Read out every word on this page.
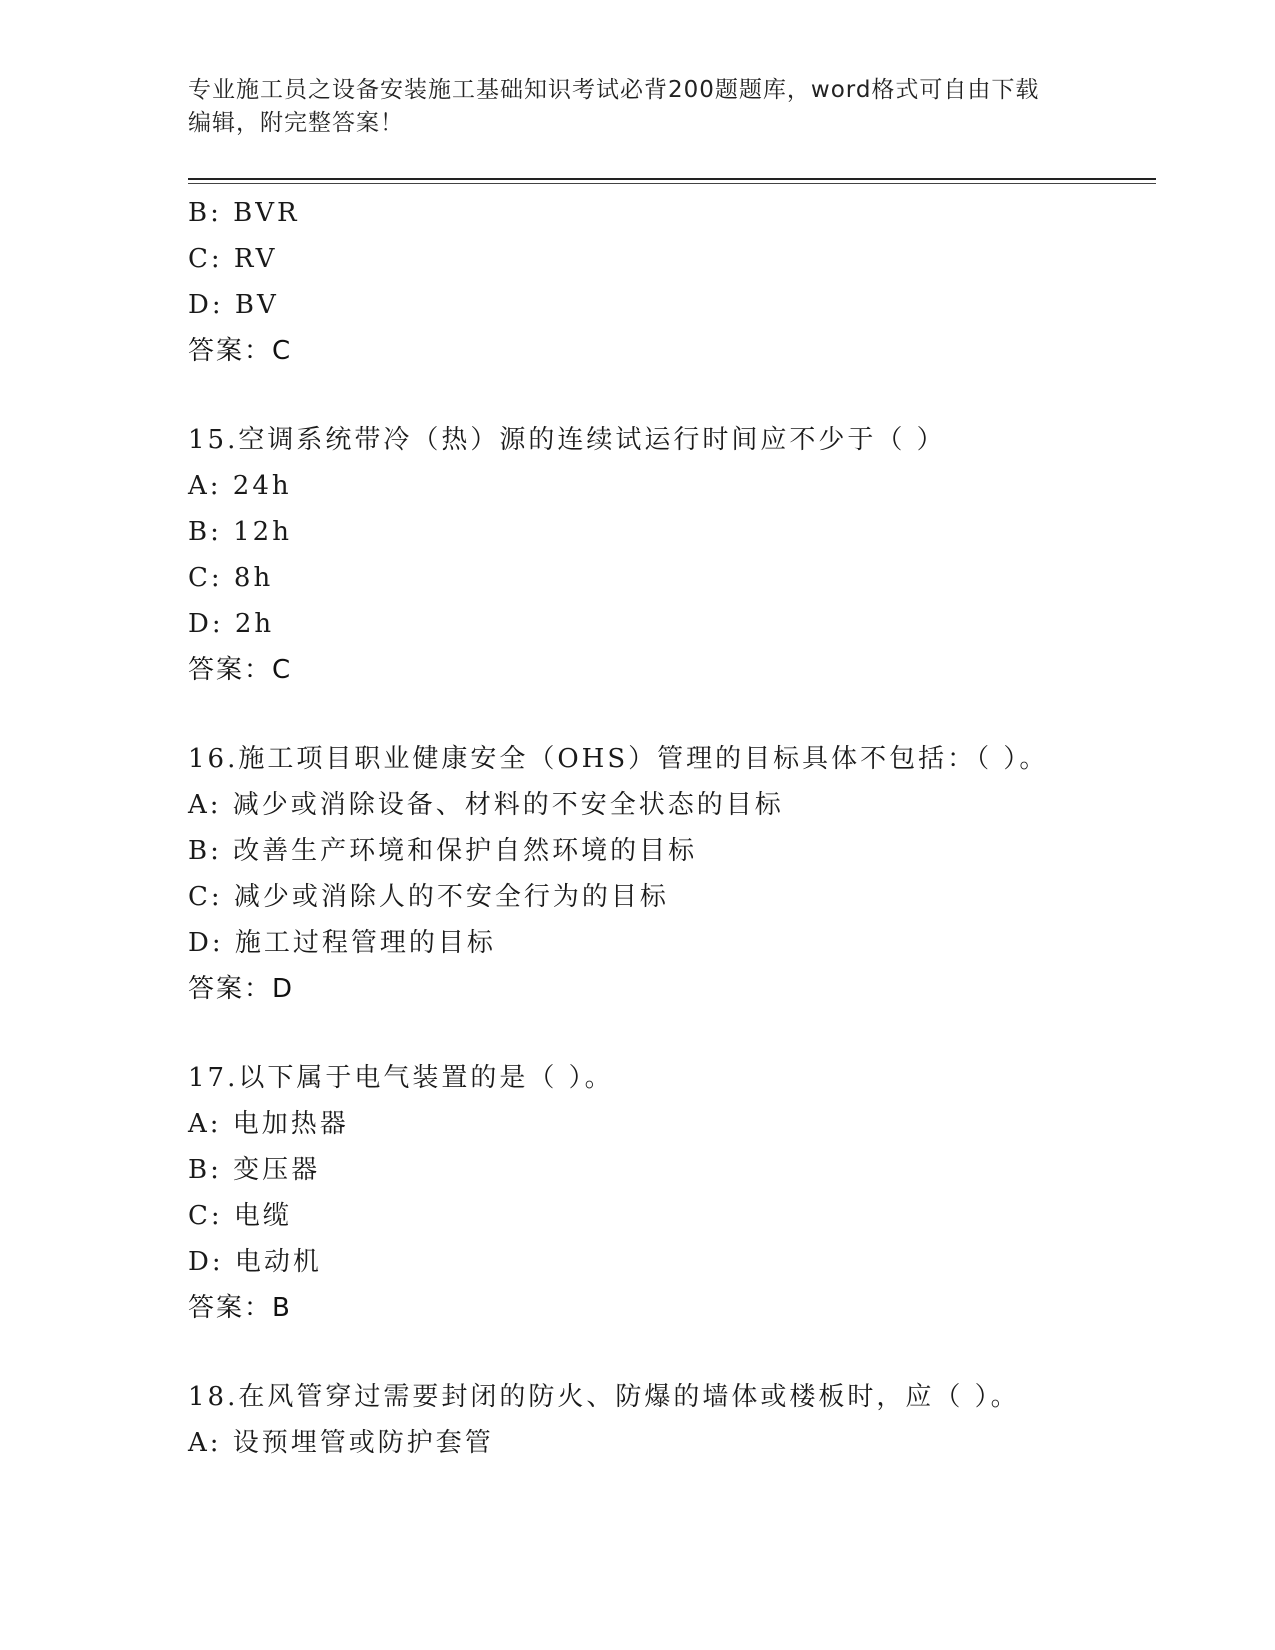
专业施工员之设备安装施工基础知识考试必背200题题库，word格式可自由下载
编辑，附完整答案！
B: BVR
C: RV
D: BV
答案：C
15.空调系统带冷（热）源的连续试运行时间应不少于（ ）
A: 24h
B: 12h
C: 8h
D: 2h
答案：C
16.施工项目职业健康安全（OHS）管理的目标具体不包括：（ ）。
A: 减少或消除设备、材料的不安全状态的目标
B: 改善生产环境和保护自然环境的目标
C: 减少或消除人的不安全行为的目标
D: 施工过程管理的目标
答案：D
17.以下属于电气装置的是（ ）。
A: 电加热器
B: 变压器
C: 电缆
D: 电动机
答案：B
18.在风管穿过需要封闭的防火、防爆的墙体或楼板时，应（ ）。
A: 设预埋管或防护套管
